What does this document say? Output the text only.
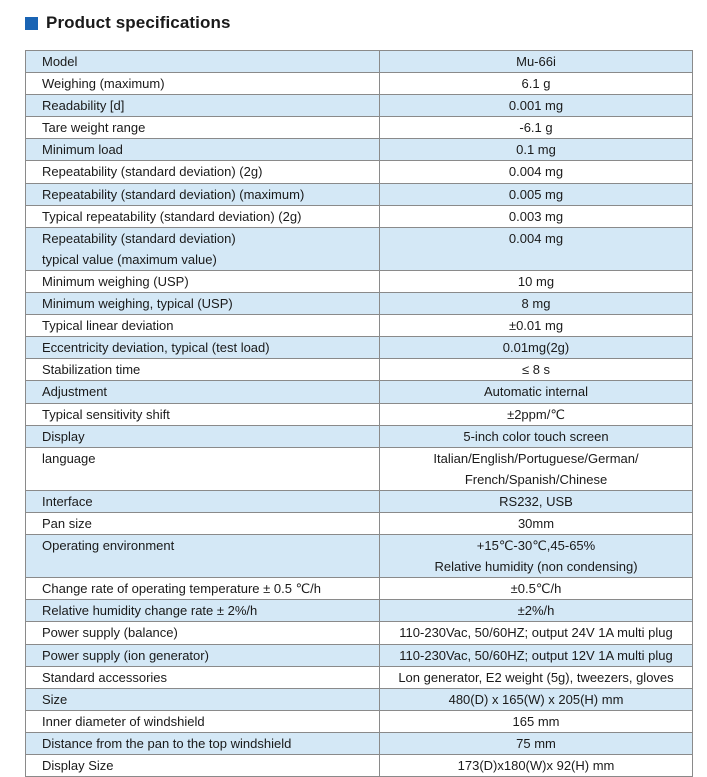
Product specifications
Model	Mu-66i

Weighing (maximum)	6.1 g

Readability [d]	0.001 mg

Tare weight range	-6.1 g

Minimum load	0.1 mg

Repeatability (standard deviation) (2g)	0.004 mg

Repeatability (standard deviation) (maximum)	0.005 mg

Typical repeatability (standard deviation) (2g)	0.003 mg

Repeatability (standard deviation)
typical value (maximum value)	0.004 mg

Minimum weighing (USP)	10 mg

Minimum weighing, typical (USP)	8 mg

Typical linear deviation	±0.01 mg

Eccentricity deviation, typical (test load)	0.01mg(2g)

Stabilization time	≤ 8 s

Adjustment	Automatic internal

Typical sensitivity shift	±2ppm/℃

Display	5-inch color touch screen

language	Italian/English/Portuguese/German/
French/Spanish/Chinese

Interface	RS232, USB

Pan size	30mm

Operating environment	+15℃-30℃,45-65%
Relative humidity (non condensing)

Change rate of operating temperature ± 0.5 ℃/h	±0.5℃/h

Relative humidity change rate ± 2%/h	±2%/h

Power supply (balance)	110-230Vac, 50/60HZ; output 24V 1A multi plug

Power supply (ion generator)	110-230Vac, 50/60HZ; output 12V 1A multi plug

Standard accessories	Lon generator, E2 weight (5g), tweezers, gloves

Size	480(D) x 165(W) x 205(H) mm

Inner diameter of windshield	165 mm

Distance from the pan to the top windshield	75 mm

Display Size	173(D)x180(W)x 92(H) mm
